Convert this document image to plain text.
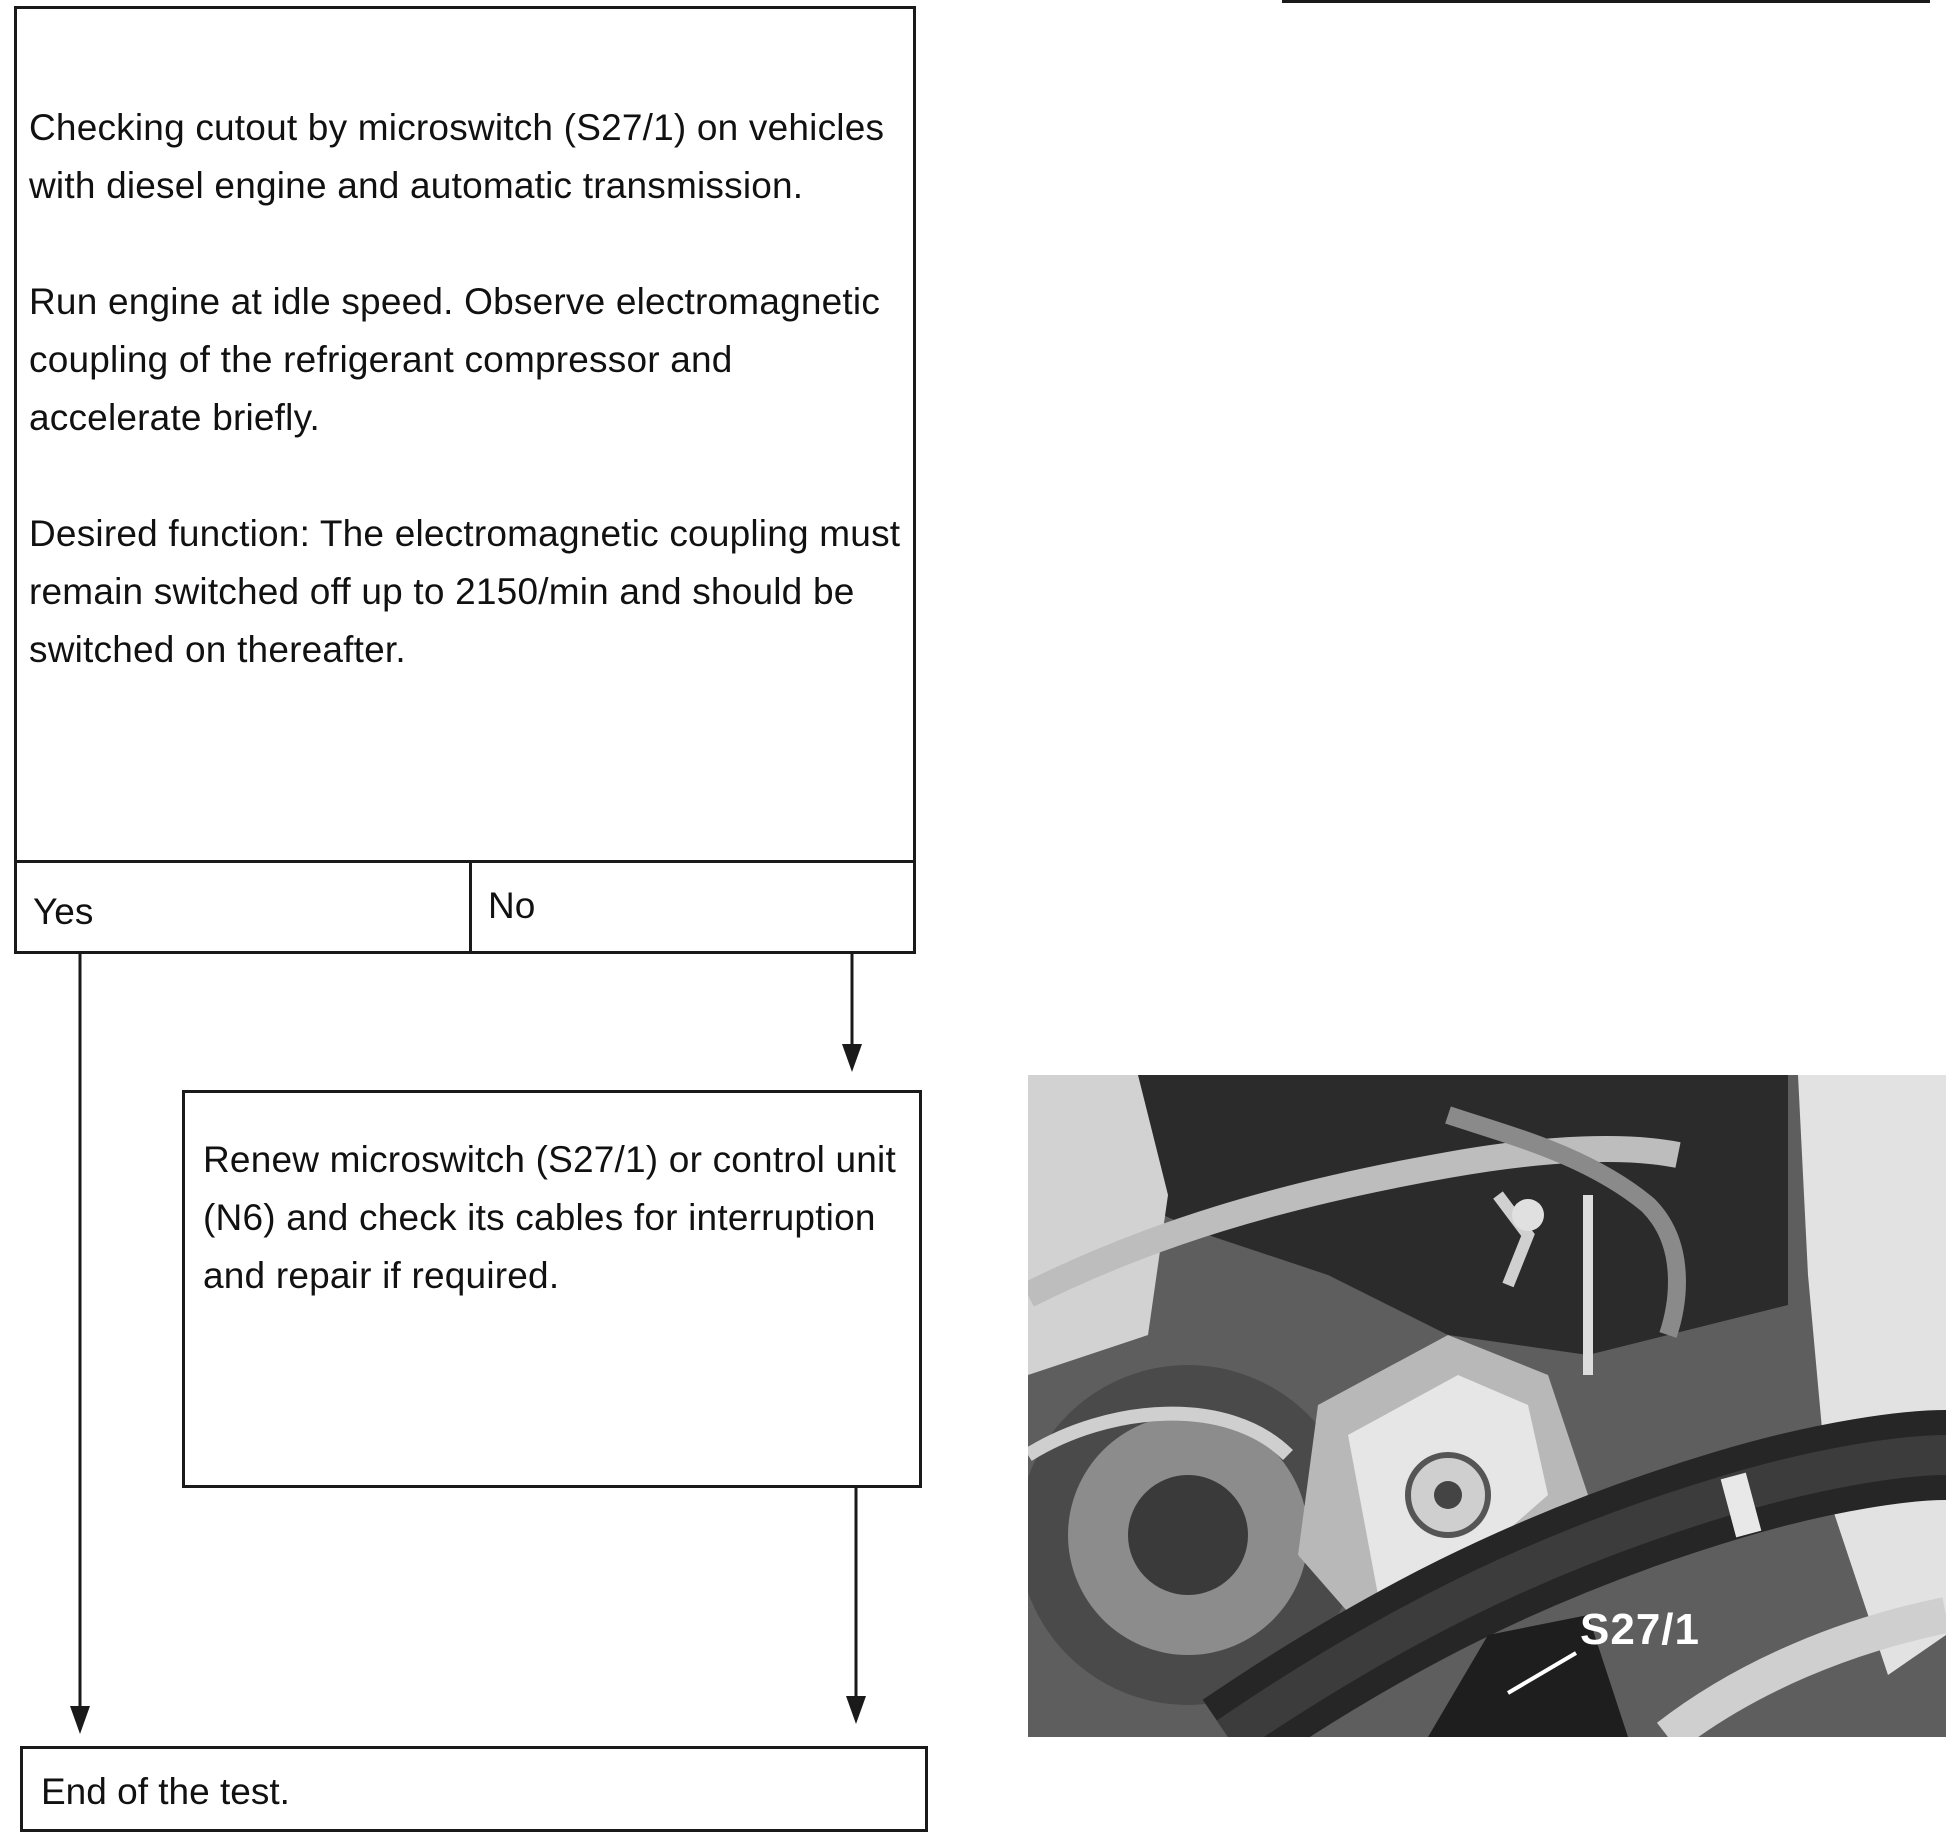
Checking cutout by microswitch (S27/1) on vehicles with diesel engine and automatic transmission.

Run engine at idle speed. Observe electromagnetic coupling of the refrigerant compressor and accelerate briefly.

Desired function: The electromagnetic coupling must remain switched off up to 2150/min and should be switched on thereafter.

Yes	No

Renew microswitch (S27/1) or control unit (N6) and check its cables for interruption and repair if required.

End of the test.
S27/1
